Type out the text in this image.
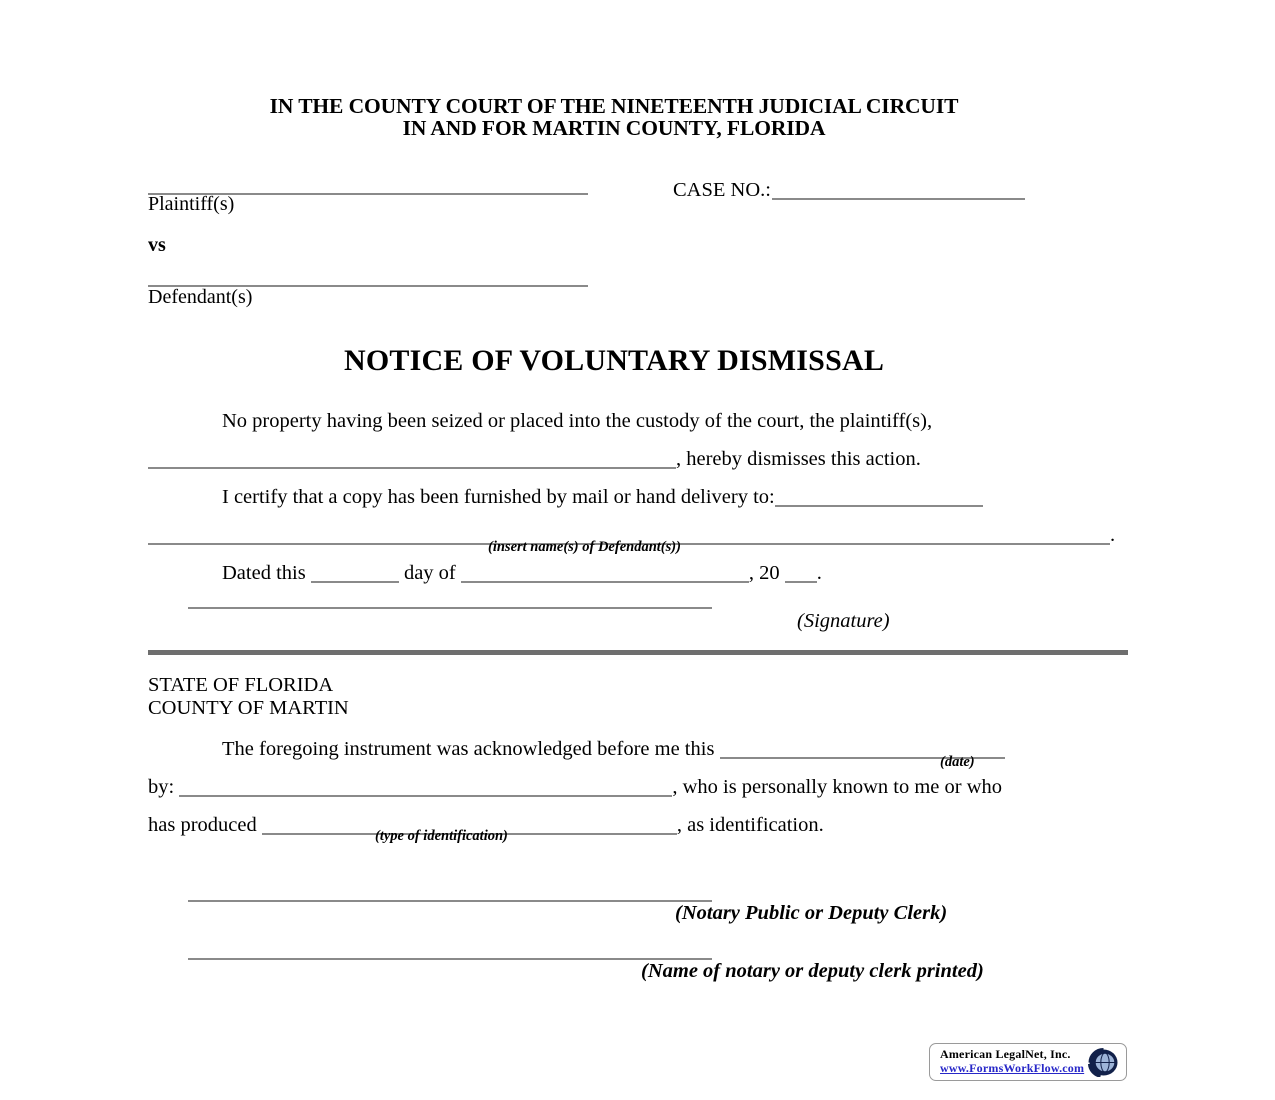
IN THE COUNTY COURT OF THE NINETEENTH JUDICIAL CIRCUIT
IN AND FOR MARTIN COUNTY, FLORIDA
Plaintiff(s)
vs
Defendant(s)
CASE NO.:
NOTICE OF VOLUNTARY DISMISSAL

No property having been seized or placed into the custody of the court, the plaintiff(s),

, hereby dismisses this action.

I certify that a copy has been furnished by mail or hand delivery to:

.

Dated this	day of	, 20 .

(insert name(s) of Defendant(s))
(Signature)
STATE OF FLORIDA
COUNTY OF MARTIN

The foregoing instrument was acknowledged before me this

by:	, who is personally known to me or who

has produced	, as identification.

(date)
(type of identification)
(Notary Public or Deputy Clerk)
(Name of notary or deputy clerk printed)
American LegalNet, Inc.
www.FormsWorkFlow.com
